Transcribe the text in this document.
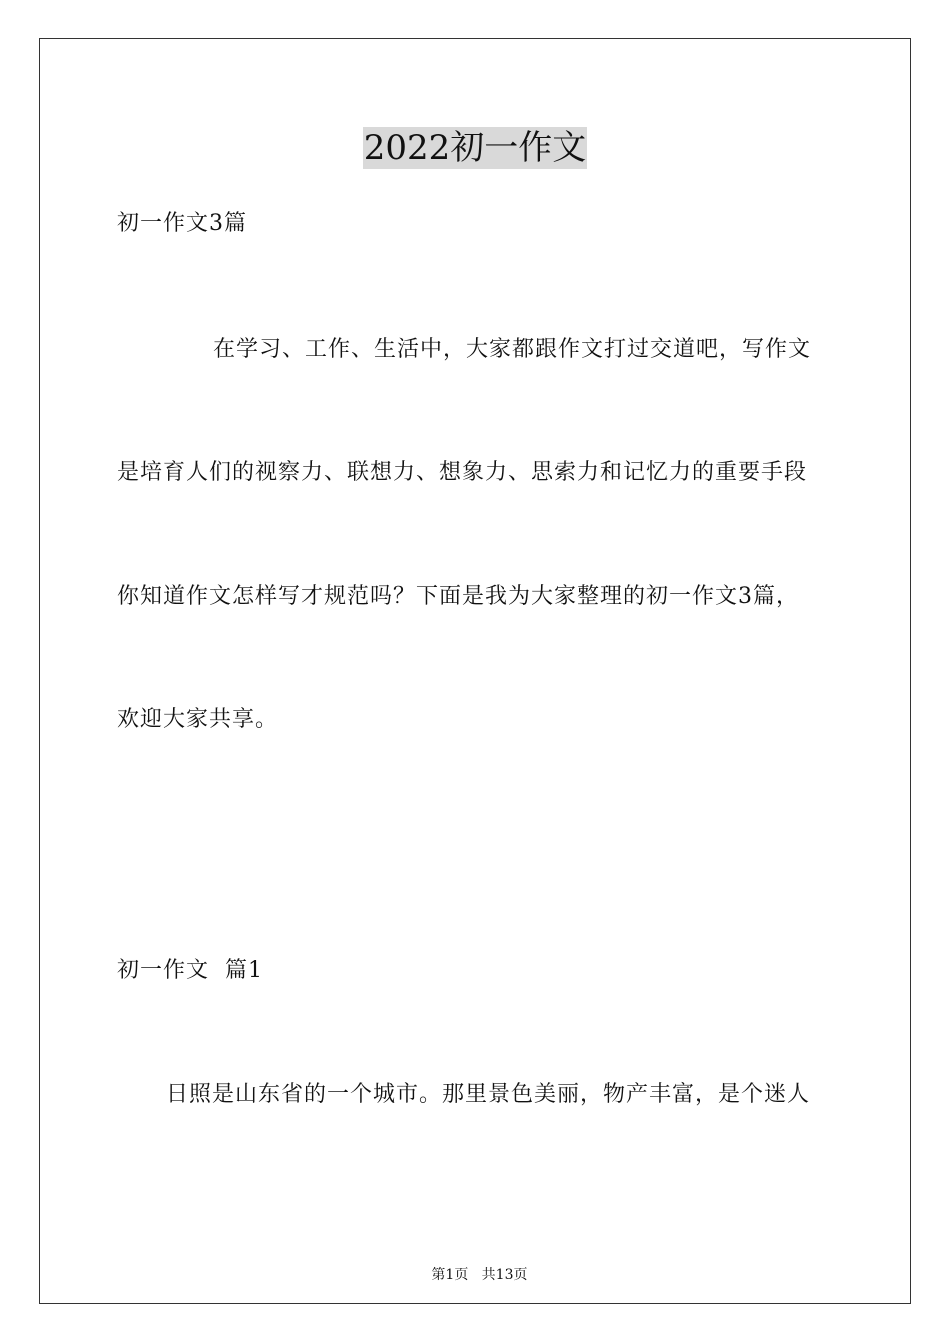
2022初一作文
初一作文3篇
在学习、工作、生活中，大家都跟作文打过交道吧，写作文
是培育人们的视察力、联想力、想象力、思索力和记忆力的重要手段
你知道作文怎样写才规范吗？下面是我为大家整理的初一作文3篇，
欢迎大家共享。
初一作文  篇1
日照是山东省的一个城市。那里景色美丽，物产丰富，是个迷人

第1页   共13页
